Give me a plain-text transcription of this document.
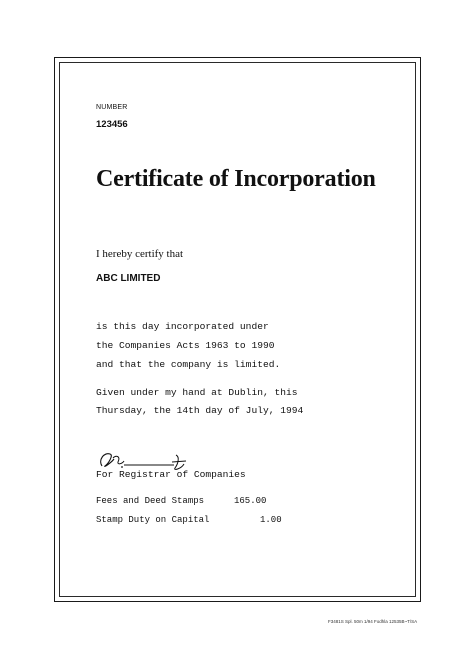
NUMBER
123456
Certificate of Incorporation
I hereby certify that
ABC LIMITED
is this day incorporated under
the Companies Acts 1963 to 1990
and that the company is limited.
Given under my hand at Dublin, this
Thursday, the 14th day of July, 1994
For Registrar of Companies
Fees and Deed Stamps	165.00
Stamp Duty on Capital	1.00
F3481S Spl. 50m 1/94 Fodhla 12535B~T/SA
